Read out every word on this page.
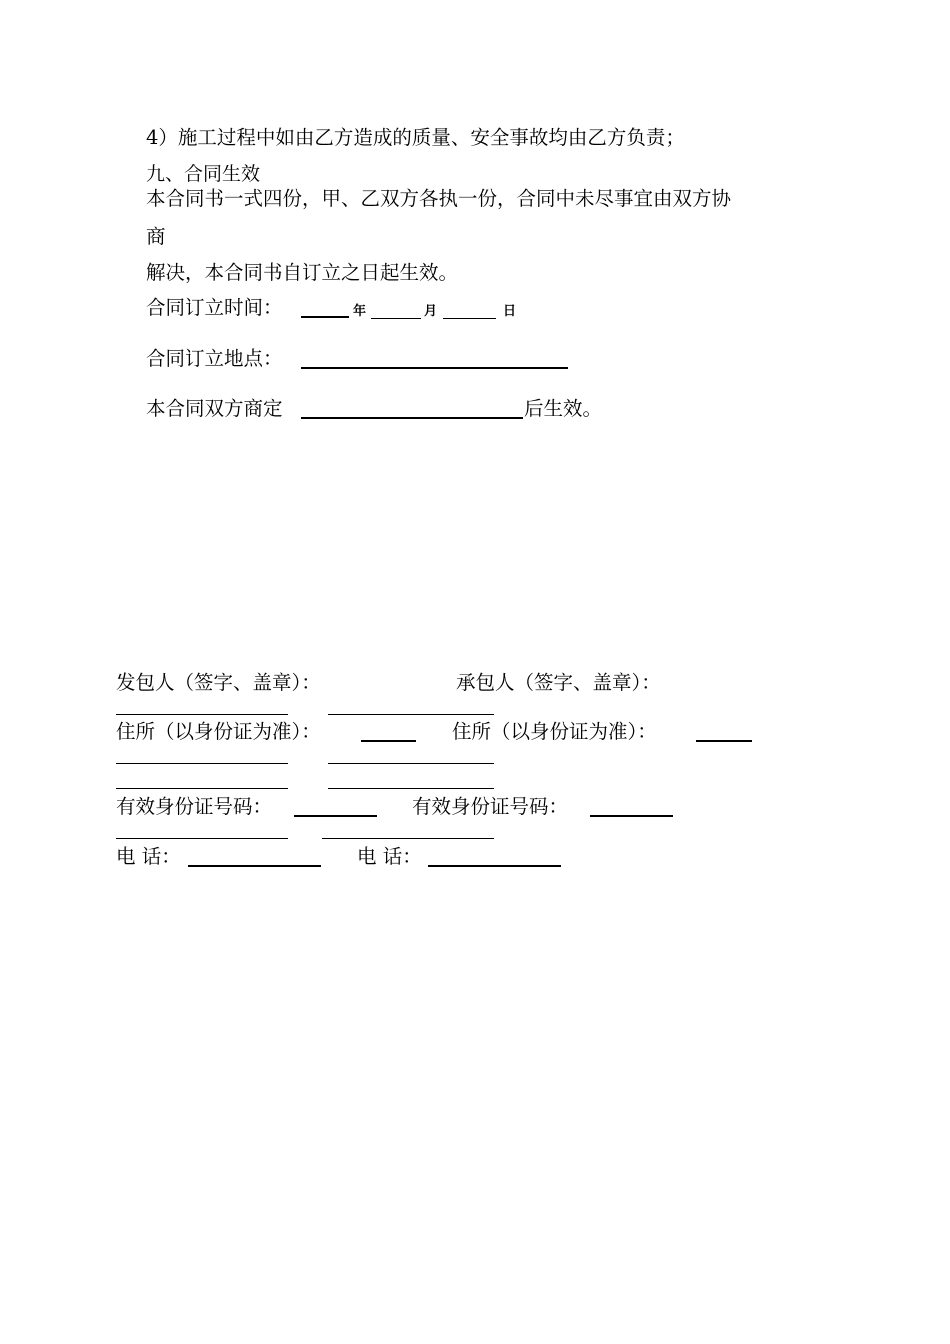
4）施工过程中如由乙方造成的质量、安全事故均由乙方负责；
九、合同生效
本合同书一式四份，甲、乙双方各执一份，合同中未尽事宜由双方协
商
解决，本合同书自订立之日起生效。
合同订立时间：	年	月	日
合同订立地点：
本合同双方商定	后生效。
发包人（签字、盖章）：	承包人（签字、盖章）：
住所（以身份证为准）：	住所（以身份证为准）：
有效身份证号码：	有效身份证号码：
电 话：	电 话：
